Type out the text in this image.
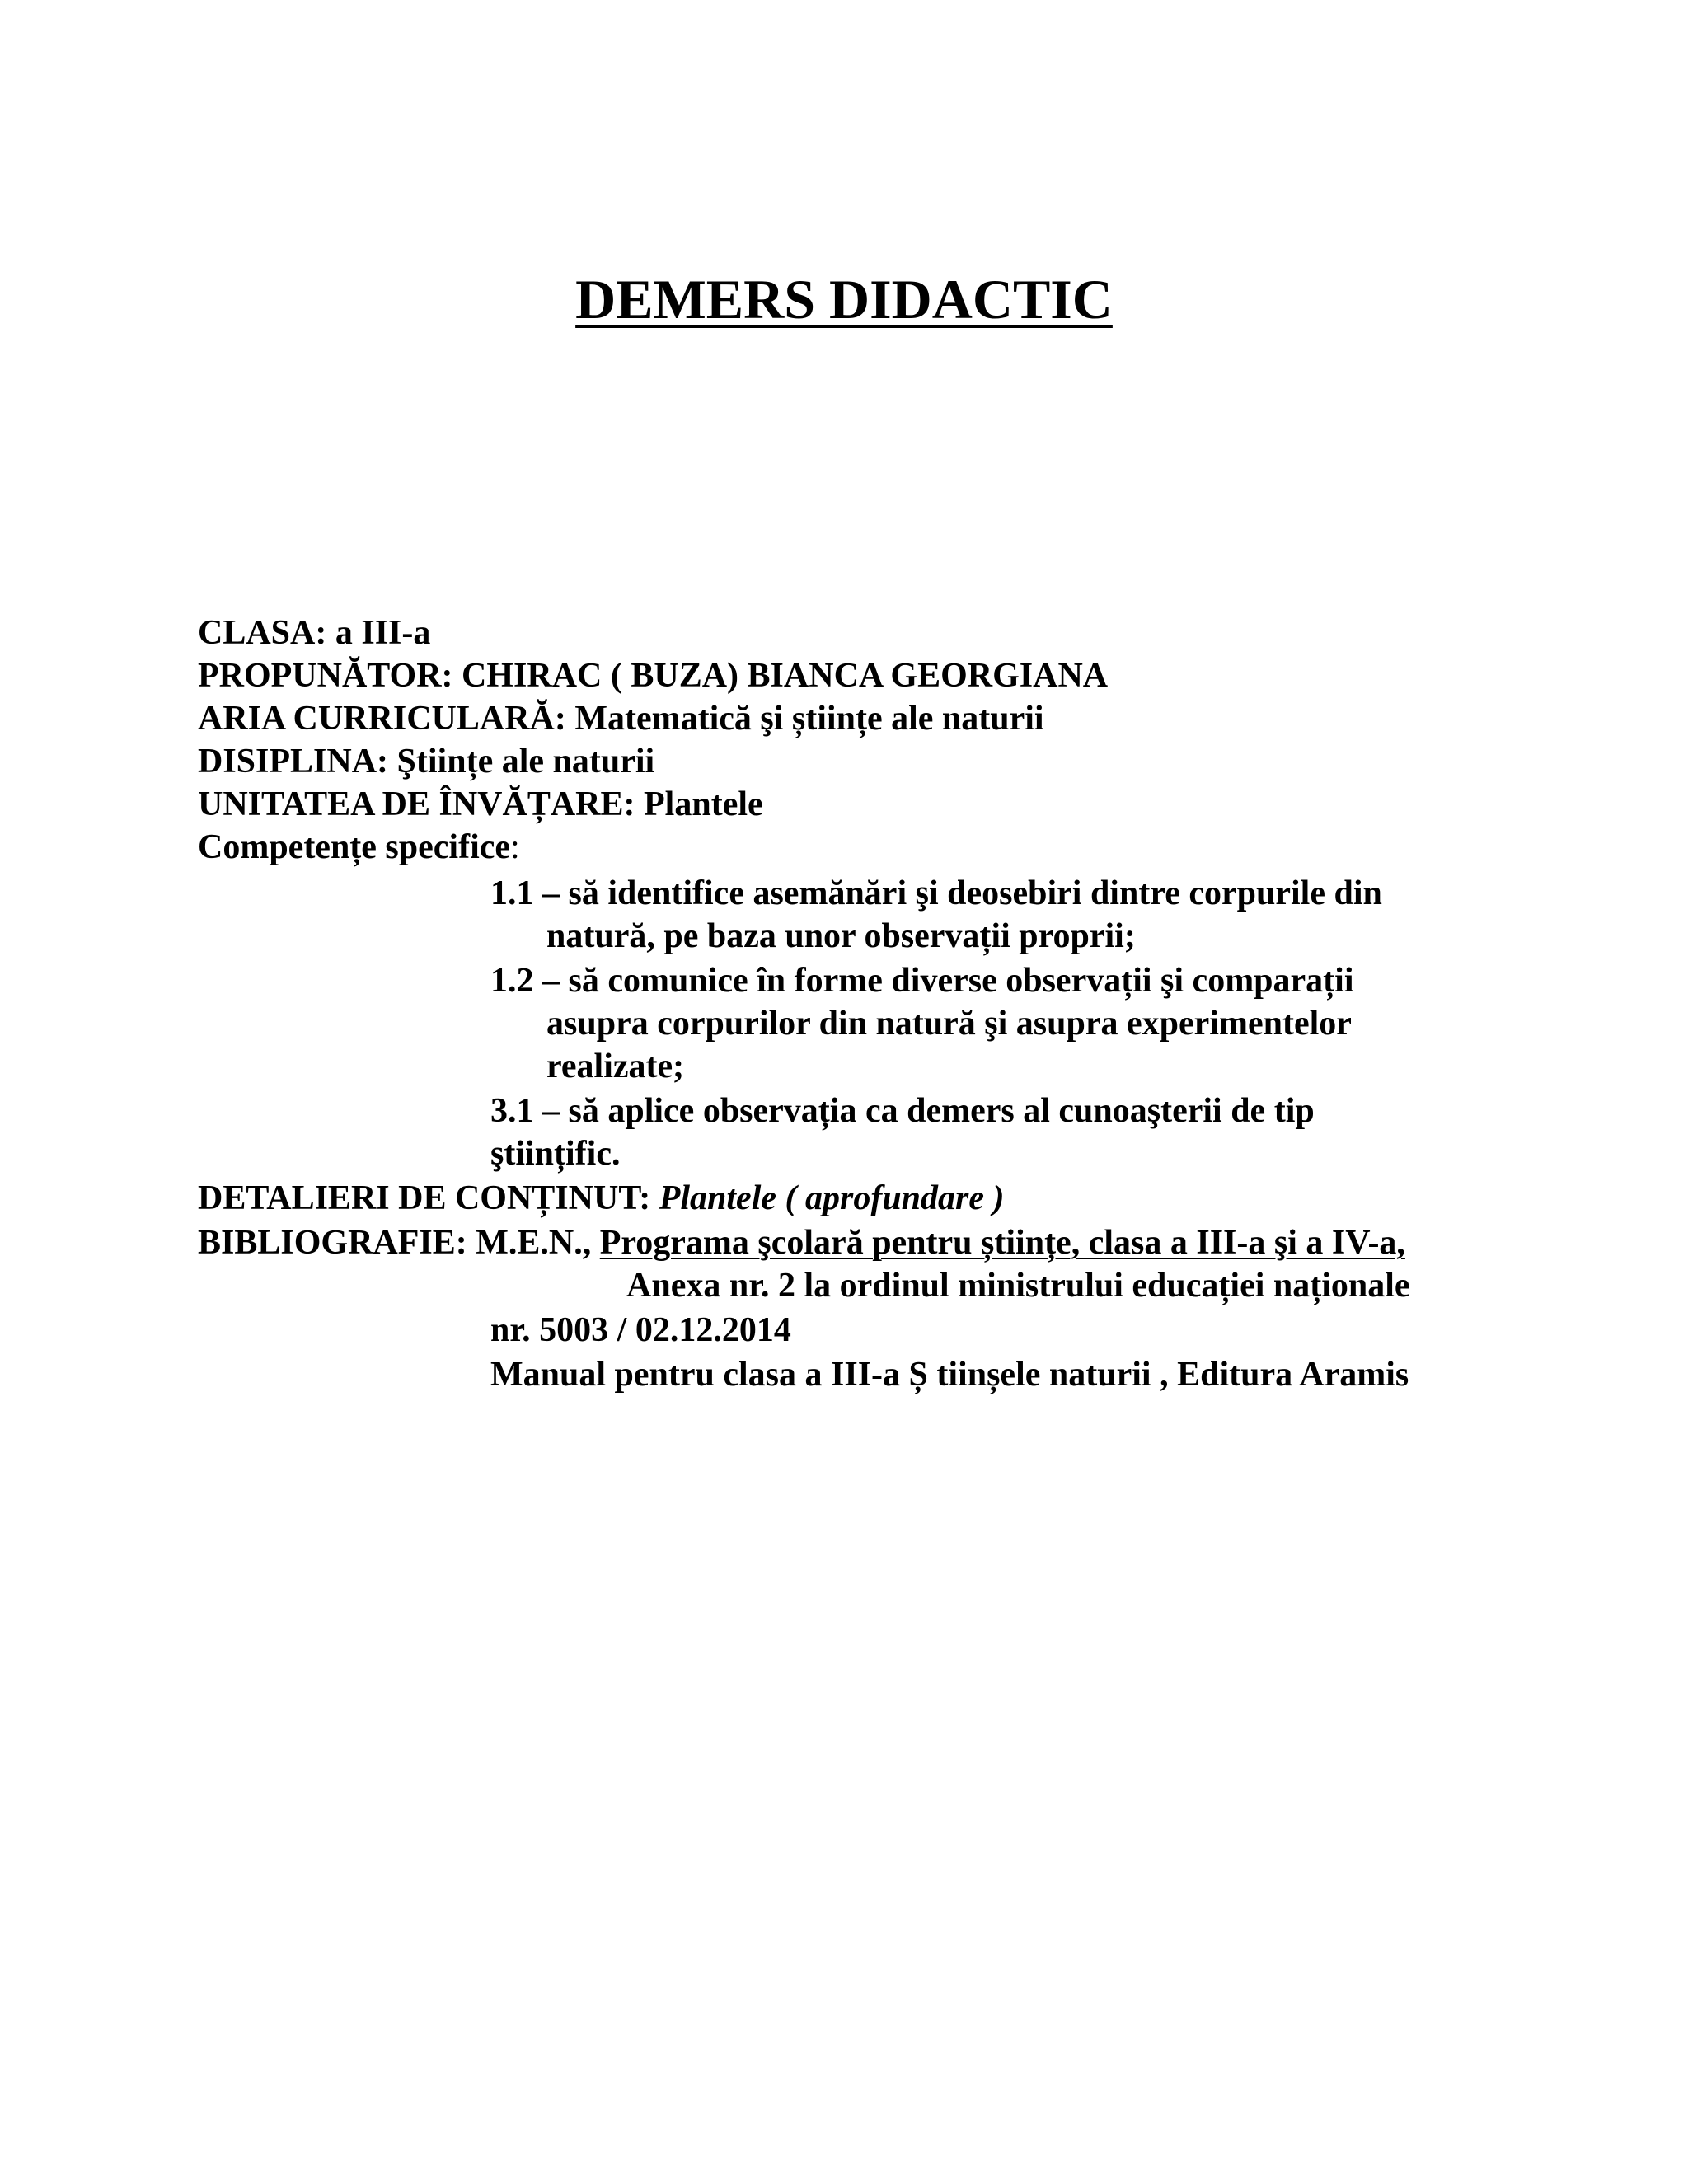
DEMERS DIDACTIC
CLASA: a III-a
PROPUNĂTOR: CHIRAC ( BUZA) BIANCA GEORGIANA
ARIA CURRICULARĂ: Matematică şi științe ale naturii
DISIPLINA: Ştiințe ale naturii
UNITATEA DE ÎNVĂȚARE: Plantele
Competențe specifice:
1.1 – să identifice asemănări şi deosebiri dintre corpurile din
natură, pe baza unor observații proprii;
1.2 – să comunice în forme diverse observații şi comparații
asupra corpurilor din natură şi asupra experimentelor
realizate;
3.1 – să aplice observația ca demers al cunoaşterii de tip
ştiințific.
DETALIERI DE CONȚINUT: Plantele ( aprofundare )
BIBLIOGRAFIE: M.E.N., Programa şcolară pentru științe, clasa a III-a şi a IV-a,
Anexa nr. 2 la ordinul ministrului educației naționale
nr. 5003 / 02.12.2014
Manual pentru clasa a III-a Ș tiinșele naturii , Editura Aramis
